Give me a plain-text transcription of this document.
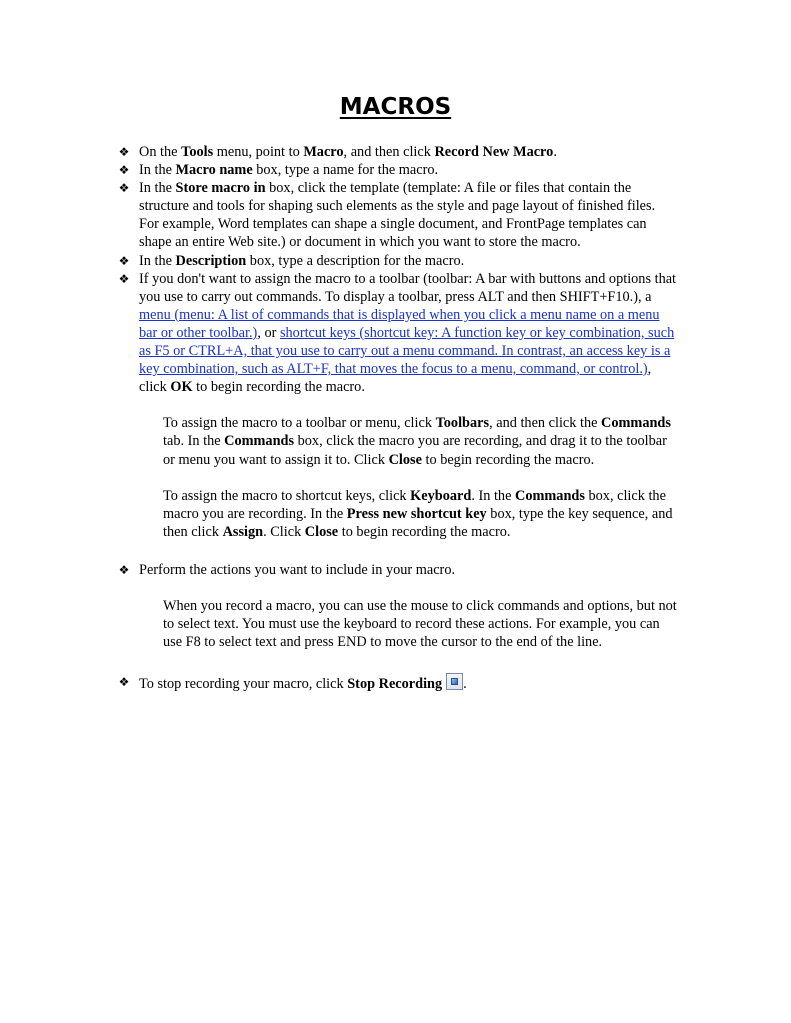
MACROS
❖ On the Tools menu, point to Macro, and then click Record New Macro.
❖ In the Macro name box, type a name for the macro.
❖ In the Store macro in box, click the template (template: A file or files that contain the structure and tools for shaping such elements as the style and page layout of finished files. For example, Word templates can shape a single document, and FrontPage templates can shape an entire Web site.) or document in which you want to store the macro.
❖ In the Description box, type a description for the macro.
❖ If you don't want to assign the macro to a toolbar (toolbar: A bar with buttons and options that you use to carry out commands. To display a toolbar, press ALT and then SHIFT+F10.), a menu (menu: A list of commands that is displayed when you click a menu name on a menu bar or other toolbar.), or shortcut keys (shortcut key: A function key or key combination, such as F5 or CTRL+A, that you use to carry out a menu command. In contrast, an access key is a key combination, such as ALT+F, that moves the focus to a menu, command, or control.), click OK to begin recording the macro.
To assign the macro to a toolbar or menu, click Toolbars, and then click the Commands tab. In the Commands box, click the macro you are recording, and drag it to the toolbar or menu you want to assign it to. Click Close to begin recording the macro.
To assign the macro to shortcut keys, click Keyboard. In the Commands box, click the macro you are recording. In the Press new shortcut key box, type the key sequence, and then click Assign. Click Close to begin recording the macro.
❖ Perform the actions you want to include in your macro.
When you record a macro, you can use the mouse to click commands and options, but not to select text. You must use the keyboard to record these actions. For example, you can use F8 to select text and press END to move the cursor to the end of the line.
❖ To stop recording your macro, click Stop Recording .
